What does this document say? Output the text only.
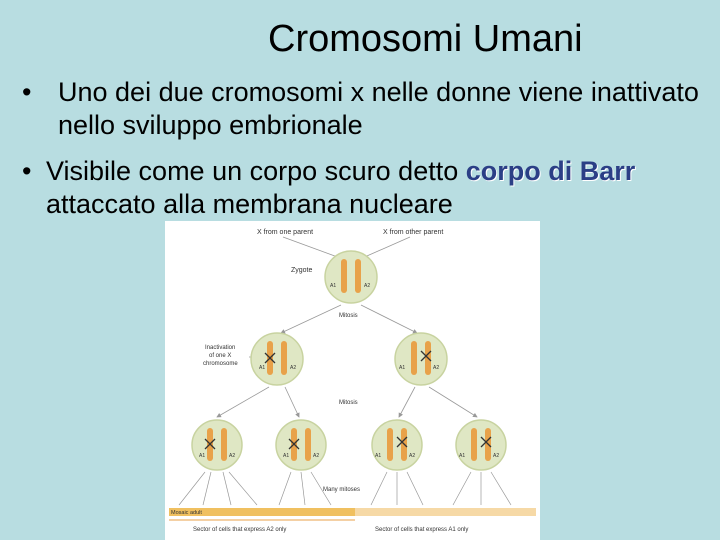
Cromosomi Umani
• Uno dei due cromosomi x nelle donne viene inattivato nello sviluppo embrionale
• Visibile come un corpo scuro detto corpo di Barr attaccato alla membrana nucleare
X from one parent	X from other parent
Zygote
A1	A2
Mitosis
Inactivation
of one X
chromosome
A1	A2	A1	A2
Mitosis
A1	A2	A1	A2	A1	A2	A1	A2
Many mitoses
Mosaic adult
Sector of cells that express A2 only	Sector of cells that express A1 only
